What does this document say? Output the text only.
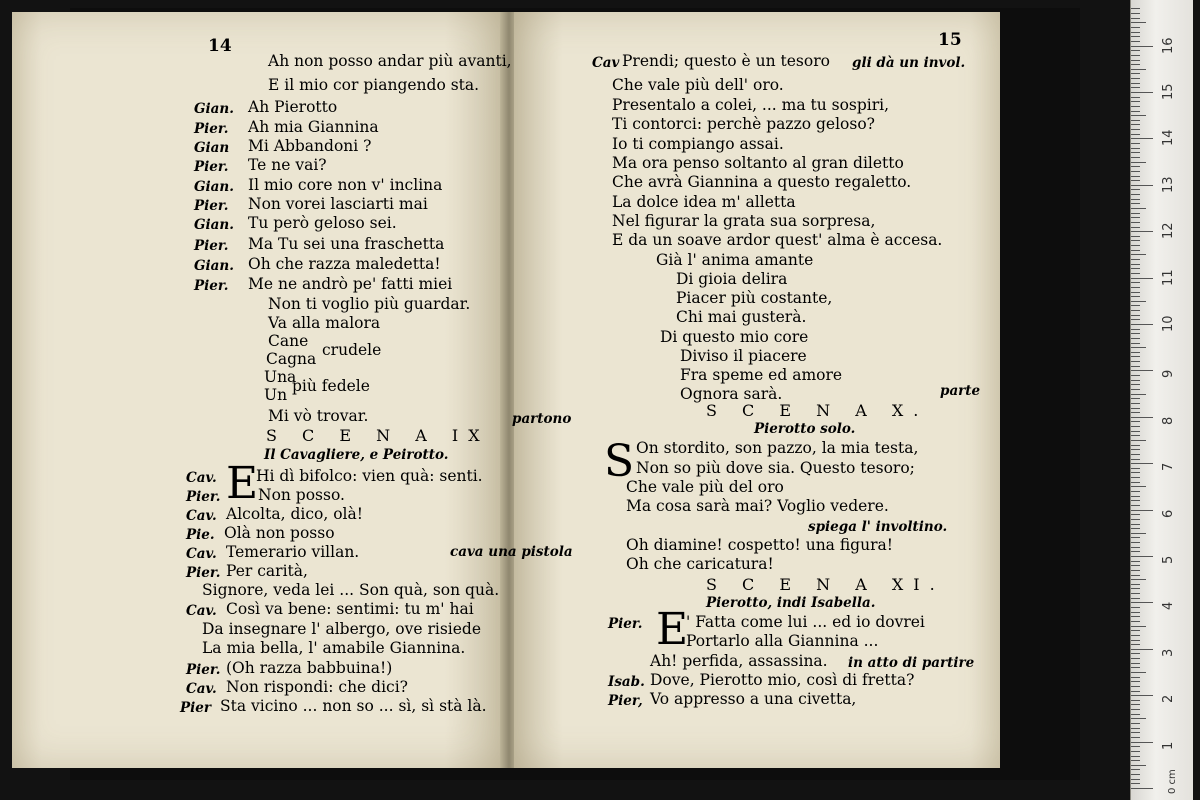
14
Ah non posso andar più avanti,
E il mio cor piangendo sta.
Ah Pierotto
Gian.
Ah mia Giannina
Pier.
Mi Abbandoni ?
Gian
Te ne vai?
Pier.
Il mio core non v' inclina
Gian.
Non vorei lasciarti mai
Pier.
Tu però geloso sei.
Gian.
Ma Tu sei una fraschetta
Pier.
Oh che razza maledetta!
Gian.
Me ne andrò pe' fatti miei
Pier.
Non ti voglio più guardar.
Va alla malora
Cane crudele
Cagna
Una
più fedele
Un
Mi vò trovar.
Hi dì bifolco: vien quà: senti.
Non posso.
Alcolta, dico, olà!
Olà non posso
Temerario villan.
Per carità,
Signore, veda lei ... Son quà, son quà.
Così va bene: sentimi: tu m' hai
Da insegnare l' albergo, ove risiede
La mia bella, l' amabile Giannina.
(Oh razza babbuina!)
Non rispondi: che dici?
Sta vicino ... non so ... sì, sì stà là.
Cav.
Pier.
Cav.
Pie.
Cav.
Pier.
Cav.
Pier.
Cav.
Pier
partono
cava una pistola
S C E N A IX
Il Cavagliere, e Peirotto.
E
15
Prendi; questo è un tesoro
Che vale più dell' oro.
Presentalo a colei, ... ma tu sospiri,
Ti contorci: perchè pazzo geloso?
Io ti compiango assai.
Ma ora penso soltanto al gran diletto
Che avrà Giannina a questo regaletto.
La dolce idea m' alletta
Nel figurar la grata sua sorpresa,
E da un soave ardor quest' alma è accesa.
Già l' anima amante
Di gioia delira
Piacer più costante,
Chi mai gusterà.
Di questo mio core
Diviso il piacere
Fra speme ed amore
Ognora sarà.
On stordito, son pazzo, la mia testa,
Non so più dove sia. Questo tesoro;
Che vale più del oro
Ma cosa sarà mai? Voglio vedere.
Oh diamine! cospetto! una figura!
Oh che caricatura!
' Fatta come lui ... ed io dovrei
Portarlo alla Giannina ...
Ah! perfida, assassina.
Dove, Pierotto mio, così di fretta?
Vo appresso a una civetta,
Cav
Pier.
Isab.
Pier,
gli dà un invol.
parte
spiega l' involtino.
in atto di partire
S C E N A X.
Pierotto solo.
S C E N A XI.
Pierotto, indi Isabella.
S
E
0 cm
1
2
3
4
5
6
7
8
9
10
11
12
13
14
15
16
